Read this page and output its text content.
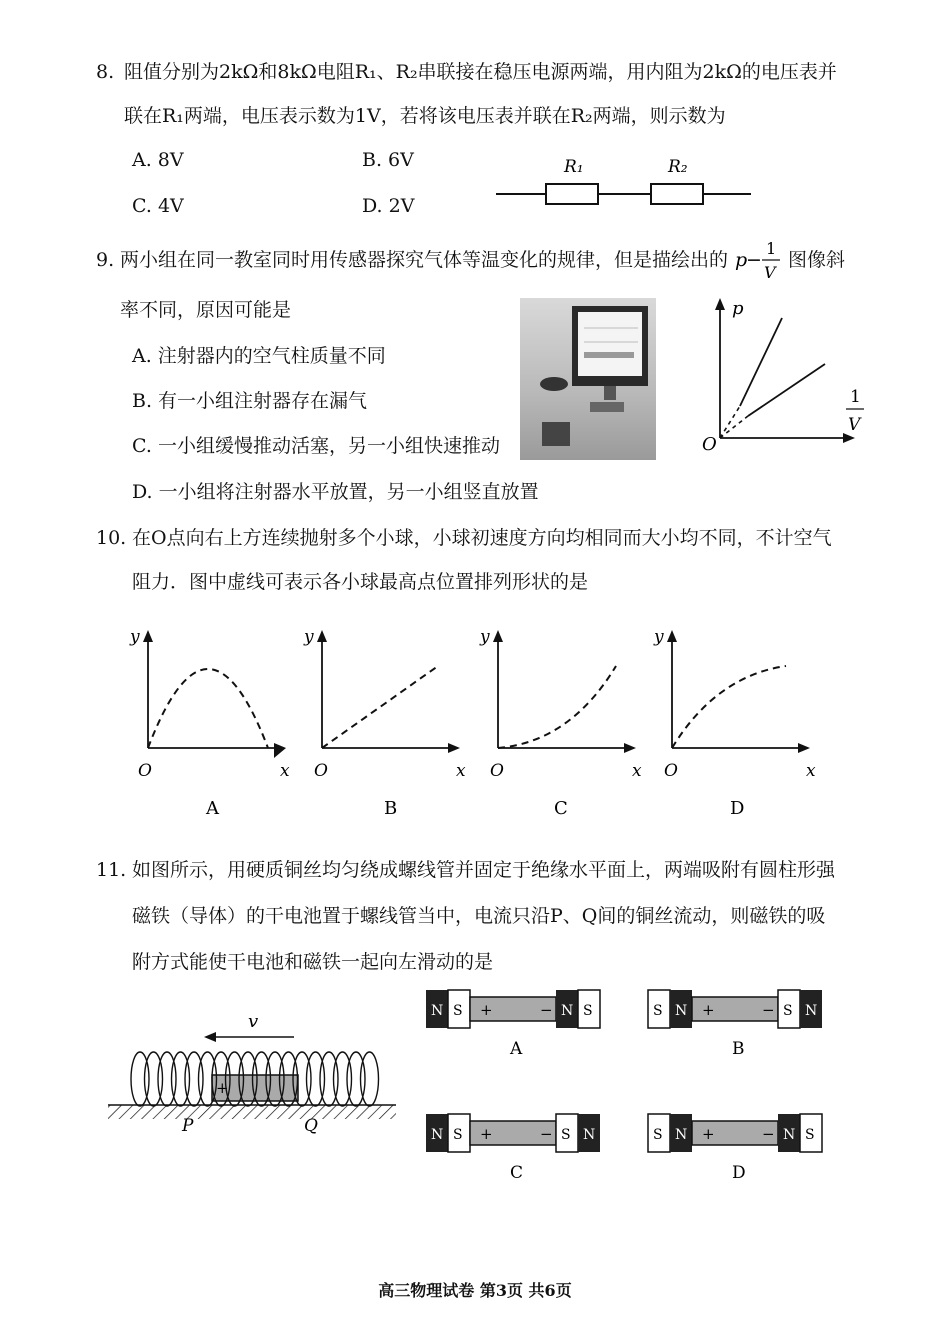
8. 阻值分别为2kΩ和8kΩ电阻R₁、R₂串联接在稳压电源两端，用内阻为2kΩ的电压表并
联在R₁两端，电压表示数为1V，若将该电压表并联在R₂两端，则示数为
A. 8V	B. 6V
C. 4V	D. 2V
R₁	R₂
9. 两小组在同一教室同时用传感器探究气体等温变化的规律，但是描绘出的 p
−
1
V
图像斜
率不同，原因可能是
A. 注射器内的空气柱质量不同
B. 有一小组注射器存在漏气
C. 一小组缓慢推动活塞，另一小组快速推动
D. 一小组将注射器水平放置，另一小组竖直放置
p
O
1
V
10. 在O点向右上方连续抛射多个小球，小球初速度方向均相同而大小均不同，不计空气
阻力．图中虚线可表示各小球最高点位置排列形状的是
y
O	x
A
y
O	x
B
y
O	x
C
y
O	x
D
11. 如图所示，用硬质铜丝均匀绕成螺线管并固定于绝缘水平面上，两端吸附有圆柱形强
磁铁（导体）的干电池置于螺线管当中，电流只沿P、Q间的铜丝流动，则磁铁的吸
附方式能使干电池和磁铁一起向左滑动的是
v
+
P	Q
N S +	− N S
A
S N +	− S N
B
N S +	− S N
C
S N +	− N S
D
高三物理试卷 第3页 共6页
